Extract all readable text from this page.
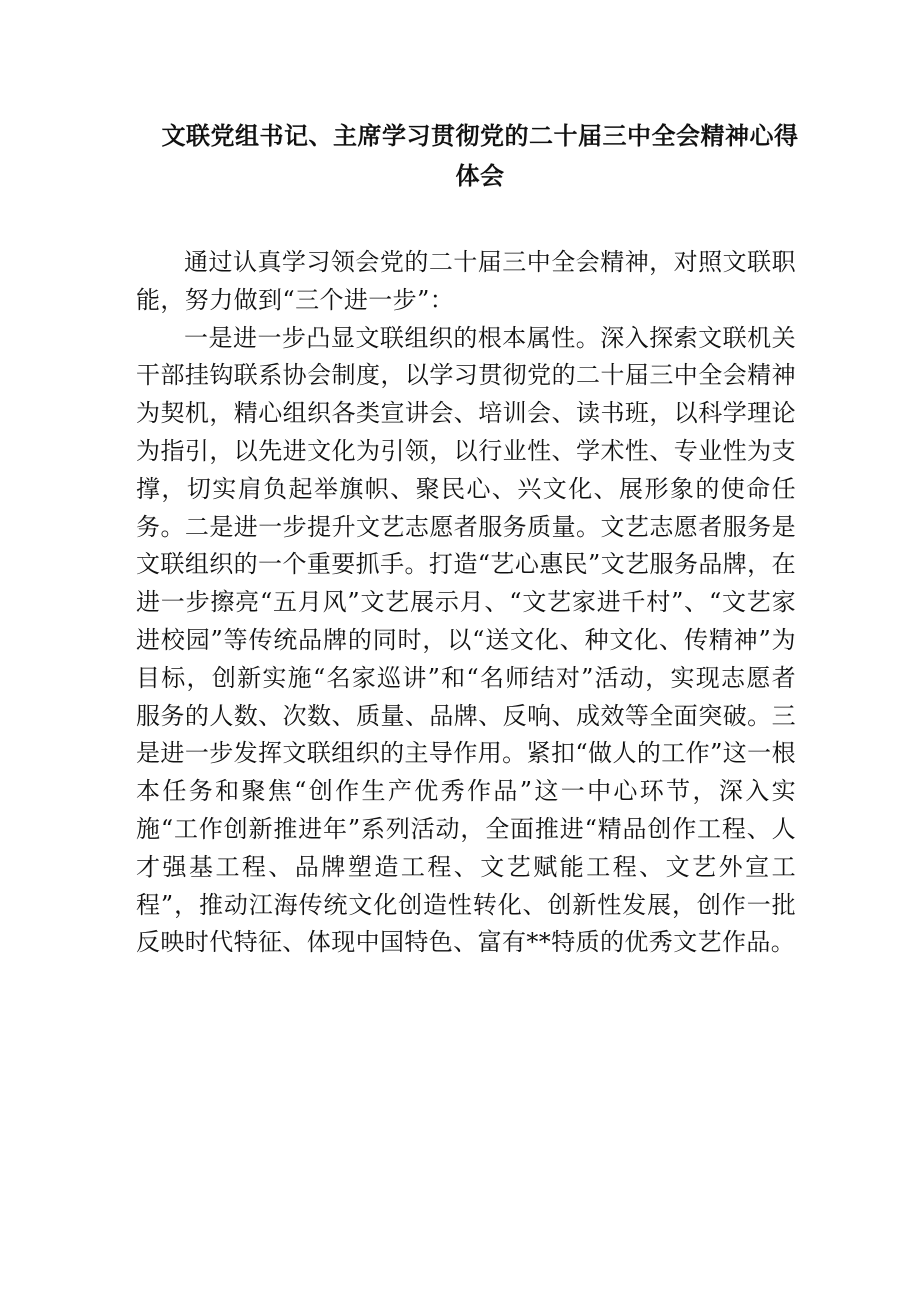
文联党组书记、主席学习贯彻党的二十届三中全会精神心得
体会

通过认真学习领会党的二十届三中全会精神，对照文联职能，努力做到“三个进一步”：

一是进一步凸显文联组织的根本属性。深入探索文联机关干部挂钩联系协会制度，以学习贯彻党的二十届三中全会精神为契机，精心组织各类宣讲会、培训会、读书班，以科学理论为指引，以先进文化为引领，以行业性、学术性、专业性为支撑，切实肩负起举旗帜、聚民心、兴文化、展形象的使命任务。二是进一步提升文艺志愿者服务质量。文艺志愿者服务是文联组织的一个重要抓手。打造“艺心惠民”文艺服务品牌，在进一步擦亮“五月风”文艺展示月、“文艺家进千村”、“文艺家进校园”等传统品牌的同时，以“送文化、种文化、传精神”为目标，创新实施“名家巡讲”和“名师结对”活动，实现志愿者服务的人数、次数、质量、品牌、反响、成效等全面突破。三是进一步发挥文联组织的主导作用。紧扣“做人的工作”这一根本任务和聚焦“创作生产优秀作品”这一中心环节，深入实施“工作创新推进年”系列活动，全面推进“精品创作工程、人才强基工程、品牌塑造工程、文艺赋能工程、文艺外宣工程”，推动江海传统文化创造性转化、创新性发展，创作一批反映时代特征、体现中国特色、富有**特质的优秀文艺作品。
